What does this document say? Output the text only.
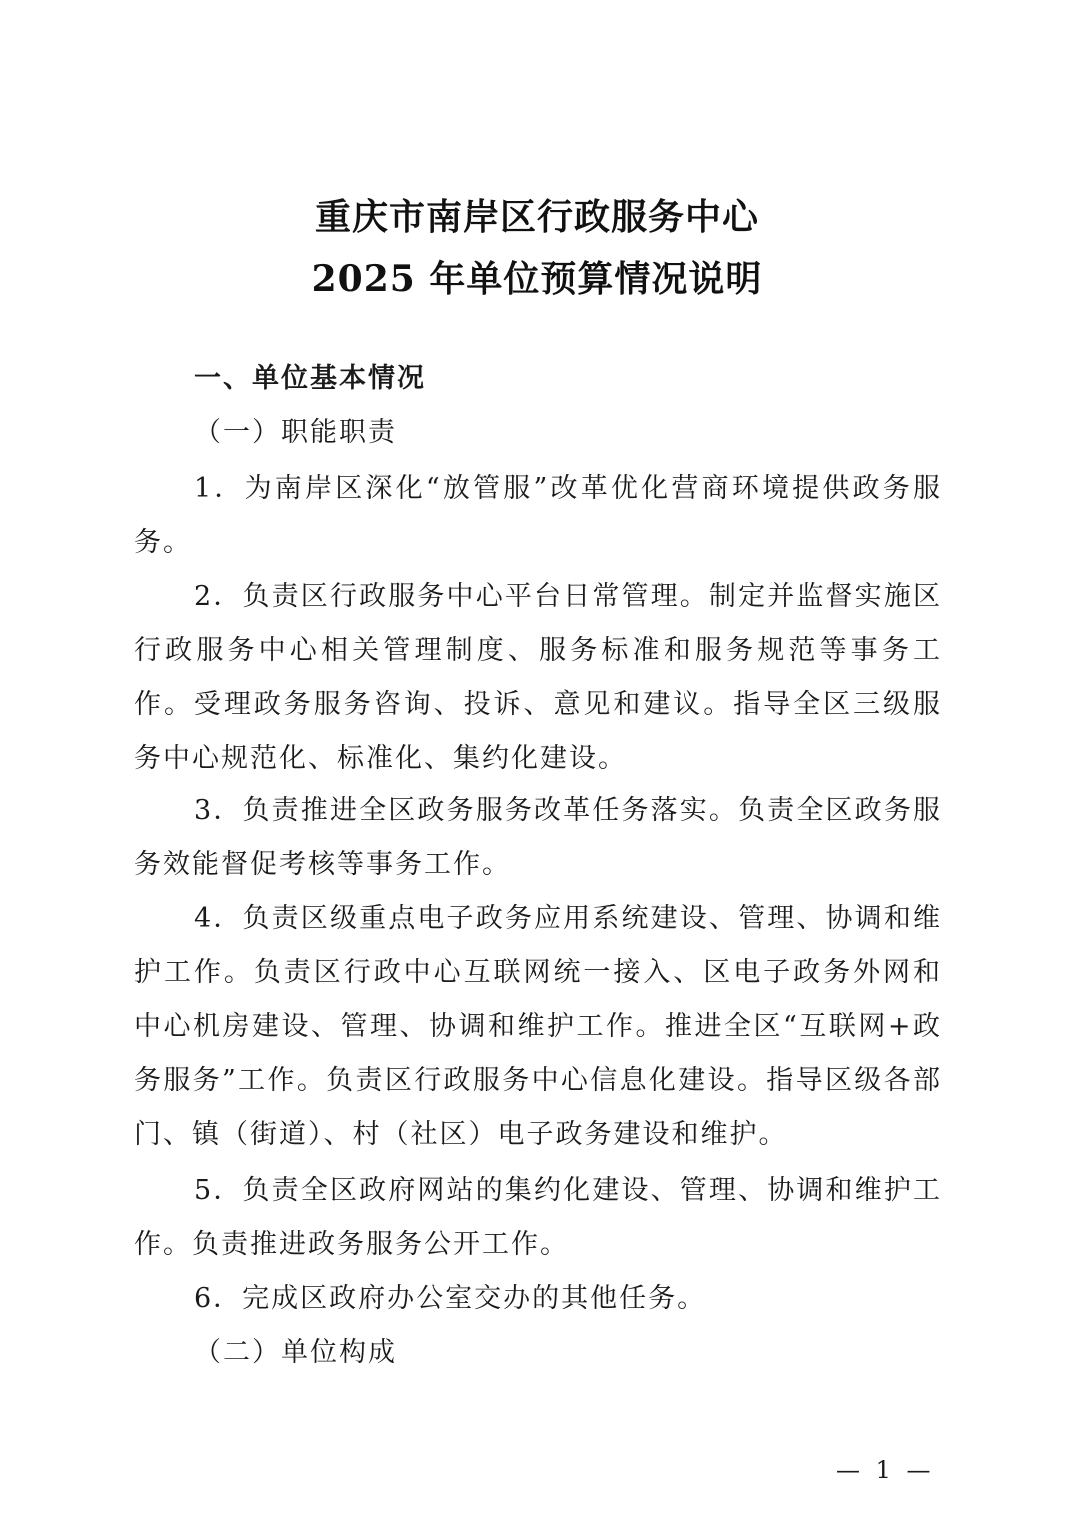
重庆市南岸区行政服务中心
2025 年单位预算情况说明

一、单位基本情况

（一）职能职责

1．为南岸区深化“放管服”改革优化营商环境提供政务服务。

2．负责区行政服务中心平台日常管理。制定并监督实施区行政服务中心相关管理制度、服务标准和服务规范等事务工作。受理政务服务咨询、投诉、意见和建议。指导全区三级服务中心规范化、标准化、集约化建设。

3．负责推进全区政务服务改革任务落实。负责全区政务服务效能督促考核等事务工作。

4．负责区级重点电子政务应用系统建设、管理、协调和维护工作。负责区行政中心互联网统一接入、区电子政务外网和中心机房建设、管理、协调和维护工作。推进全区“互联网+政务服务”工作。负责区行政服务中心信息化建设。指导区级各部门、镇（街道）、村（社区）电子政务建设和维护。

5．负责全区政府网站的集约化建设、管理、协调和维护工作。负责推进政务服务公开工作。

6．完成区政府办公室交办的其他任务。

（二）单位构成

— 1 —
